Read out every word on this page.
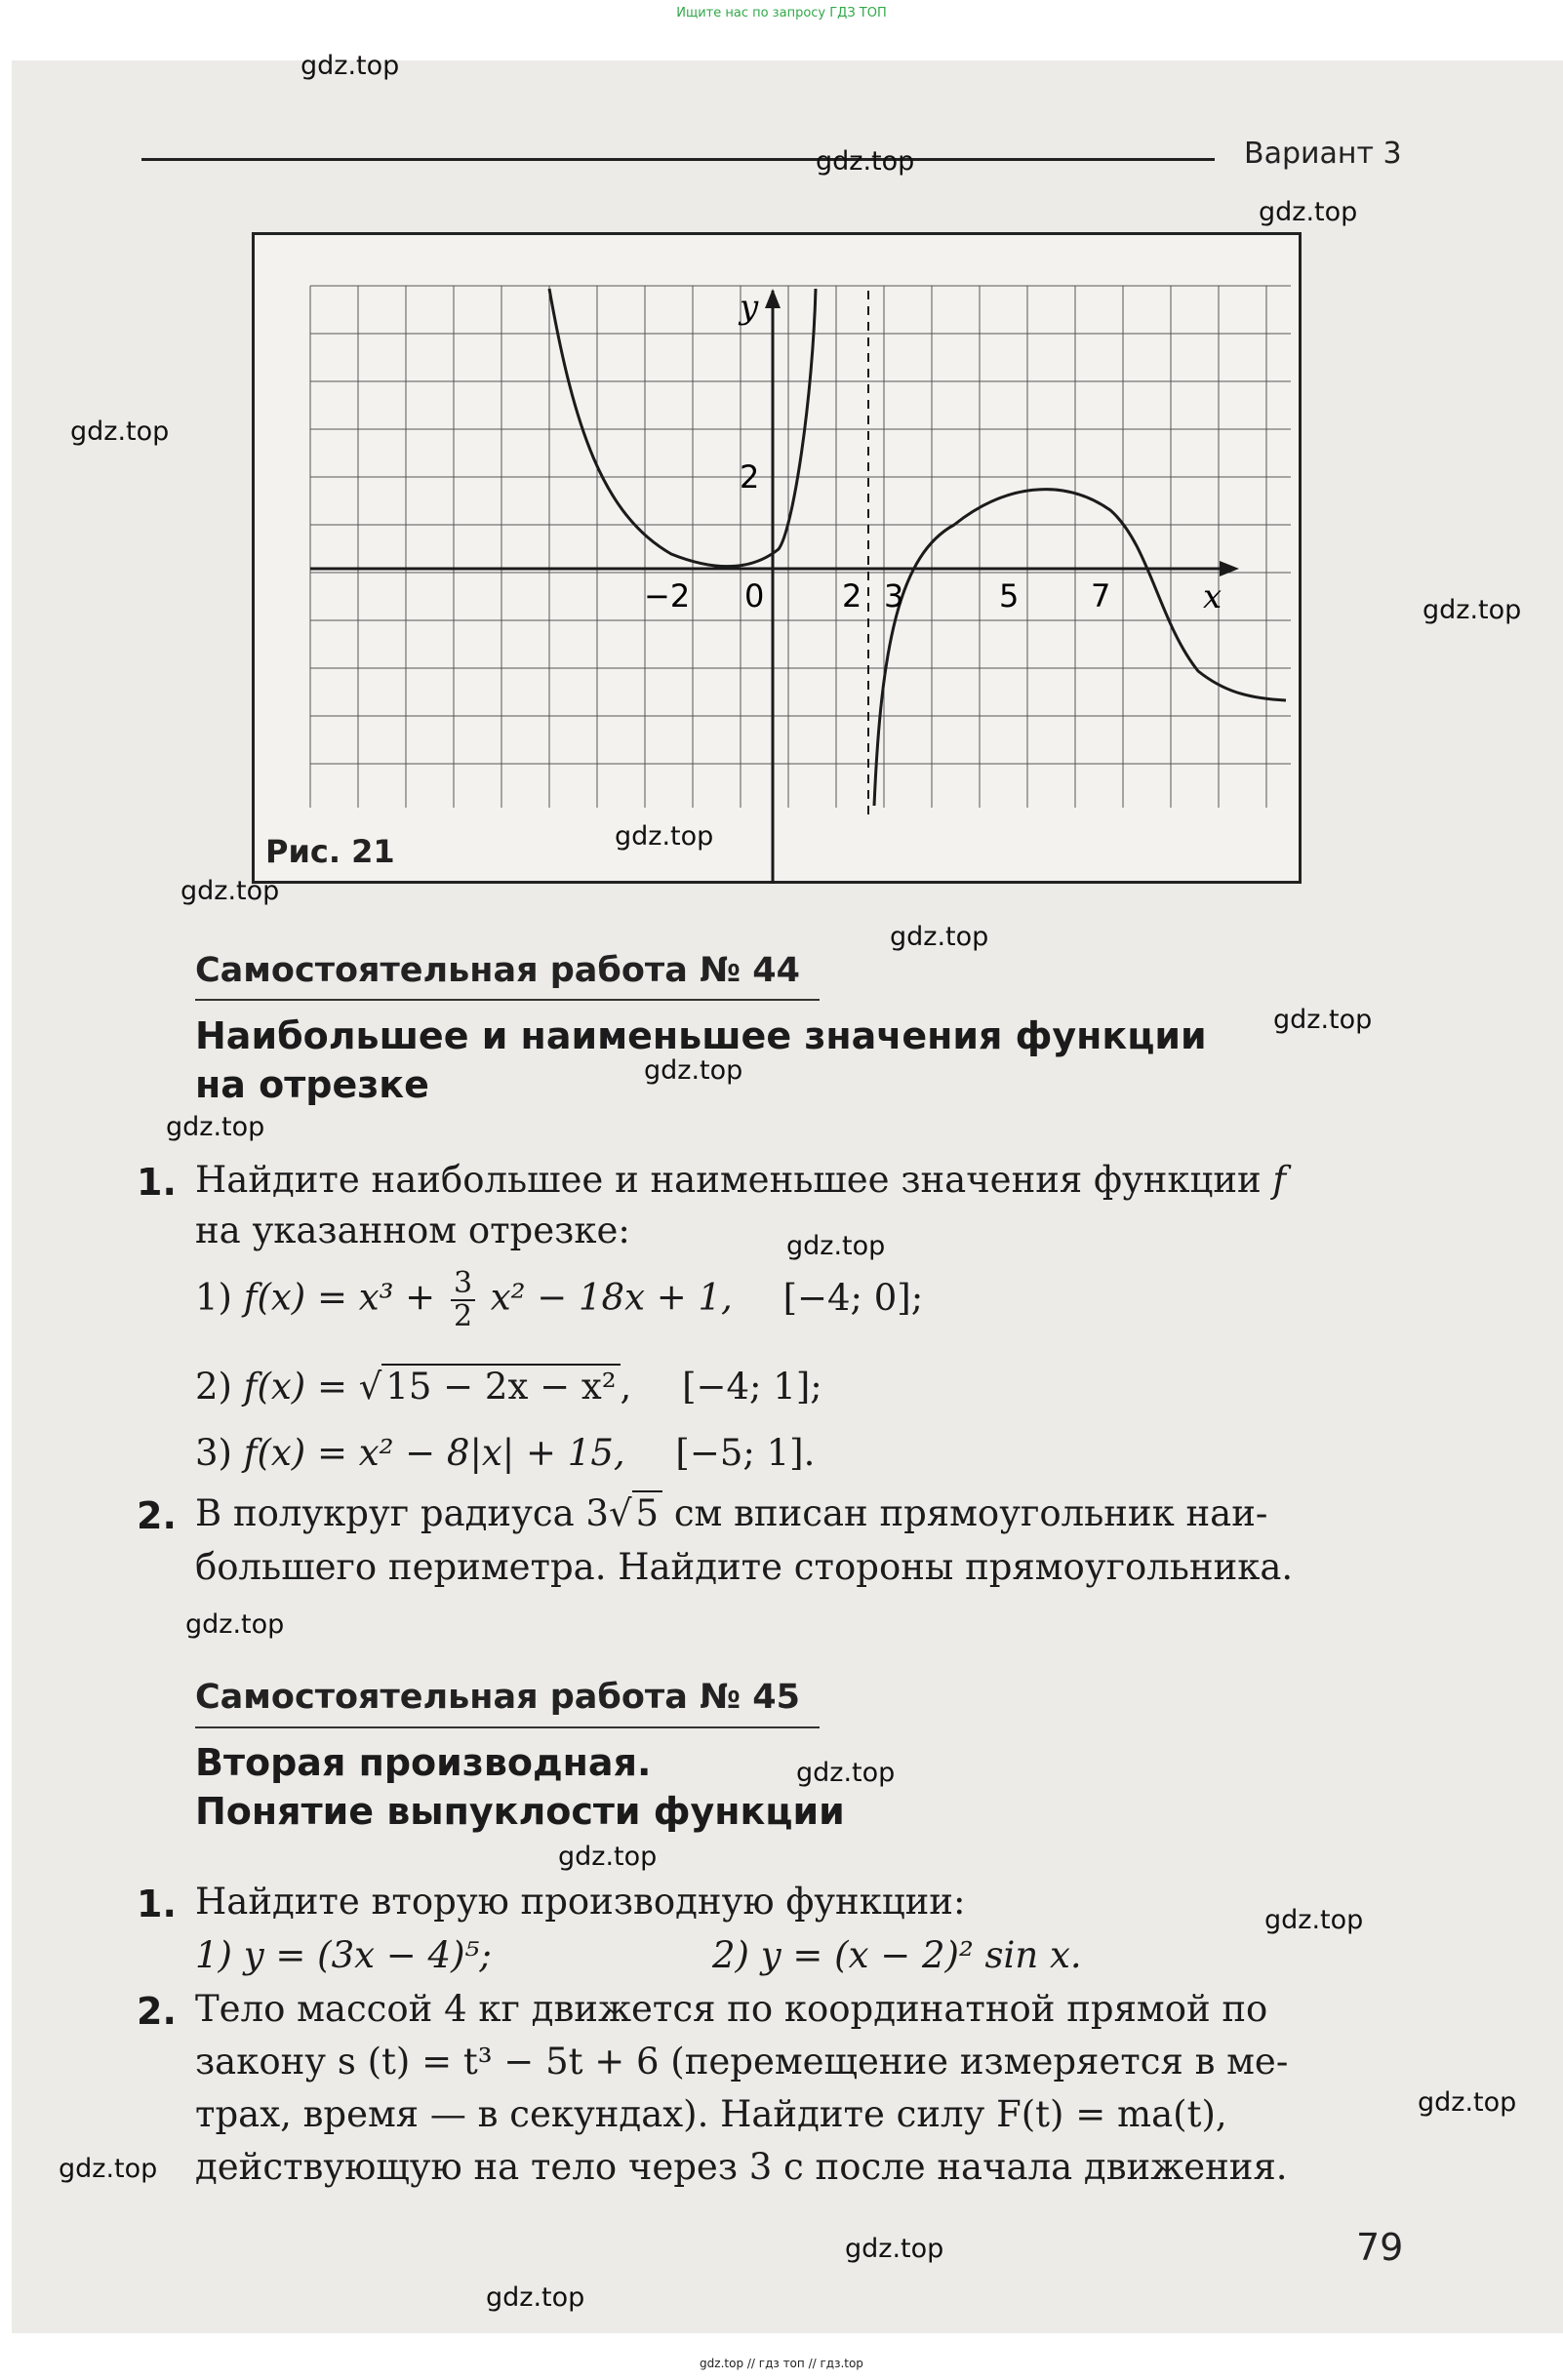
Ищите нас по запросу ГДЗ ТОП
Вариант 3
y
x
−2 0 2 3	5 7
2
Рис. 21
Самостоятельная работа № 44
Наибольшее и наименьшее значения функции
на отрезке
1. Найдите наибольшее и наименьшее значения функции f
на указанном отрезке:
1) $f(x) = x^3 + \frac{3}{2} x^2 - 18x + 1$, [−4; 0];
2) f(x) = √ 15 − 2x − x² , [−4; 1];
3) f(x) = x² − 8|x| + 15, [−5; 1].
2. В полукруг радиуса 3√ 5 см вписан прямоугольник наи-
большего периметра. Найдите стороны прямоугольника.
Самостоятельная работа № 45
Вторая производная.
Понятие выпуклости функции
1. Найдите вторую производную функции:
1) y = (3x − 4)⁵;	2) y = (x − 2)² sin x.
2. Тело массой 4 кг движется по координатной прямой по
закону s (t) = t³ − 5t + 6 (перемещение измеряется в ме-
трах, время — в секундах). Найдите силу F(t) = ma(t),
действующую на тело через 3 с после начала движения.
79
gdz.top
gdz.top
gdz.top
gdz.top
gdz.top
gdz.top
gdz.top
gdz.top
gdz.top
gdz.top
gdz.top
gdz.top
gdz.top
gdz.top
gdz.top
gdz.top
gdz.top
gdz.top
gdz.top
gdz.top
gdz.top // гдз топ // гдз.top
